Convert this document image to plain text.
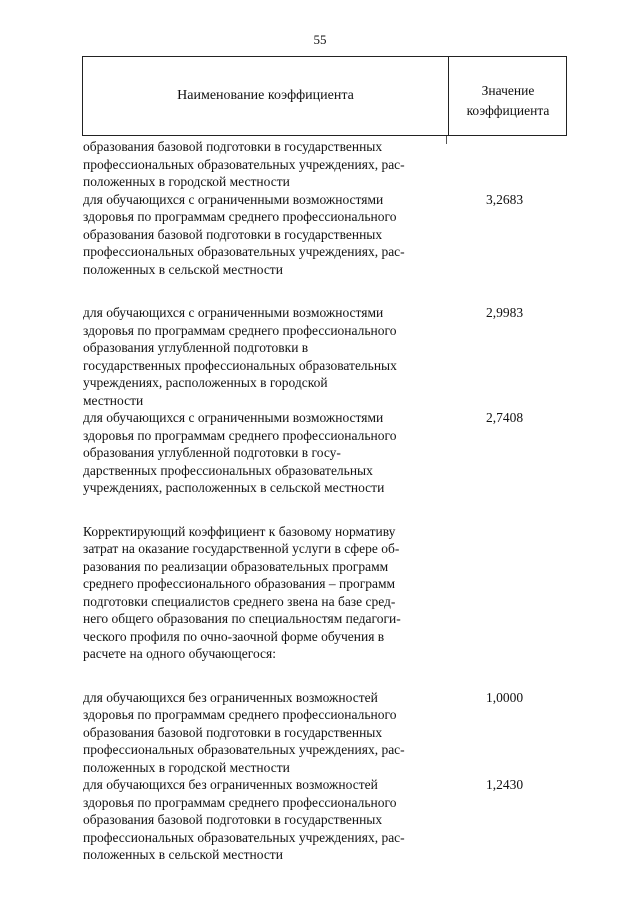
55
Наименование коэффициента	Значение коэффициента
образования базовой подготовки в государственных
профессиональных образовательных учреждениях, рас-
положенных в городской местности
для обучающихся с ограниченными возможностями
здоровья по программам среднего профессионального
образования базовой подготовки в государственных
профессиональных образовательных учреждениях, рас-
положенных в сельской местности
3,2683
для обучающихся с ограниченными возможностями
здоровья по программам среднего профессионального
образования углубленной подготовки в
государственных профессиональных образовательных
учреждениях, расположенных в городской
местности
2,9983
для обучающихся с ограниченными возможностями
здоровья по программам среднего профессионального
образования углубленной подготовки в госу-
дарственных профессиональных образовательных
учреждениях, расположенных в сельской местности
2,7408
Корректирующий коэффициент к базовому нормативу
затрат на оказание государственной услуги в сфере об-
разования по реализации образовательных программ
среднего профессионального образования – программ
подготовки специалистов среднего звена на базе сред-
него общего образования по специальностям педагоги-
ческого профиля по очно-заочной форме обучения в
расчете на одного обучающегося:
для обучающихся без ограниченных возможностей
здоровья по программам среднего профессионального
образования базовой подготовки в государственных
профессиональных образовательных учреждениях, рас-
положенных в городской местности
1,0000
для обучающихся без ограниченных возможностей
здоровья по программам среднего профессионального
образования базовой подготовки в государственных
профессиональных образовательных учреждениях, рас-
положенных в сельской местности
1,2430
